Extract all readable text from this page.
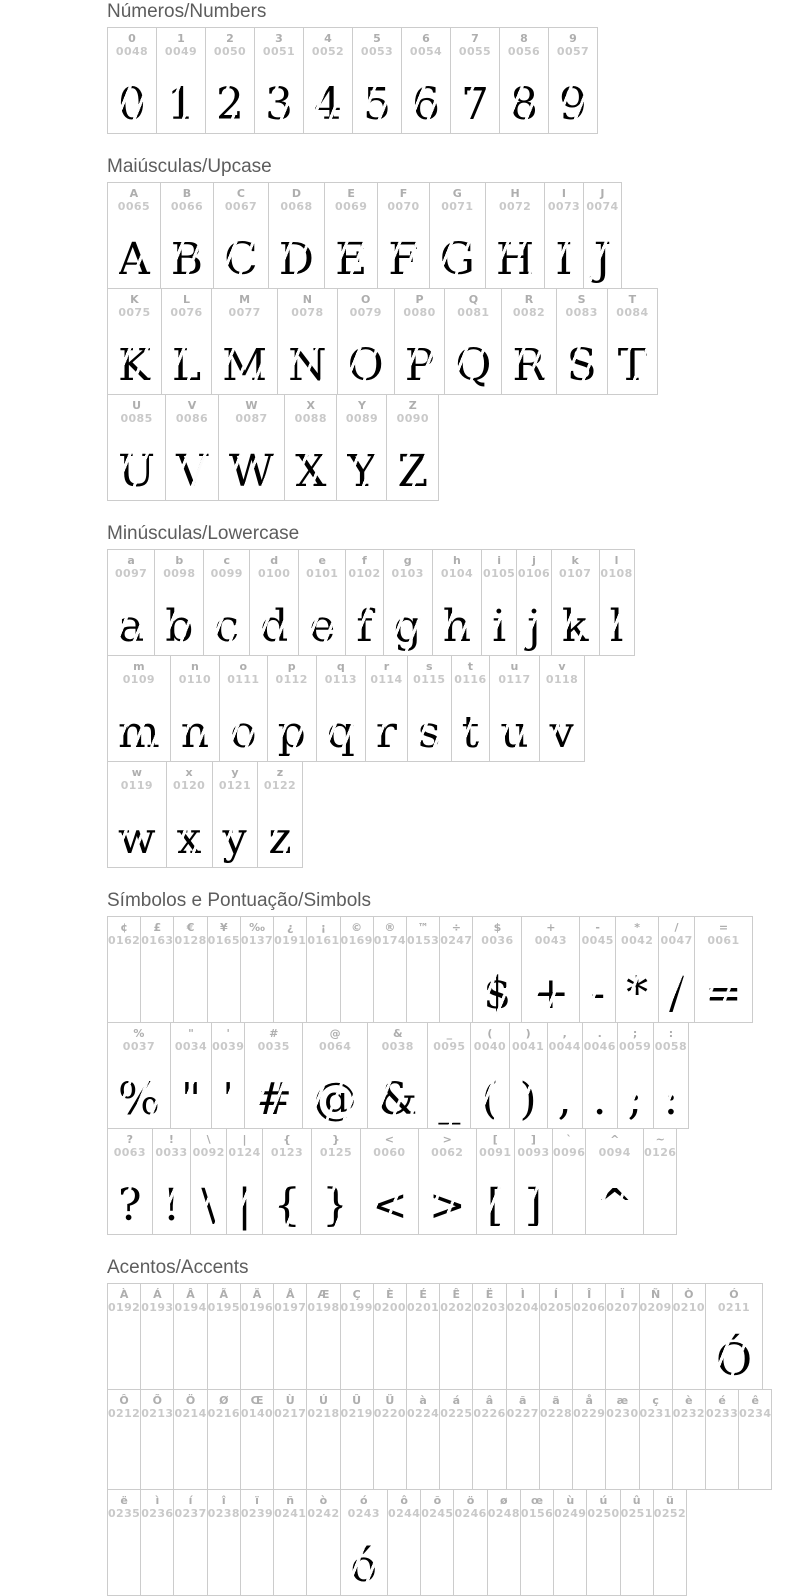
Números/Numbers
0
0048
0
1
0049
1
2
0050
2
3
0051
3
4
0052
4
5
0053
5
6
0054
6
7
0055
7
8
0056
8
9
0057
9
Maiúsculas/Upcase
A
0065
A
B
0066
B
C
0067
C
D
0068
D
E
0069
E
F
0070
F
G
0071
G
H
0072
H
I
0073
I
J
0074
J
K
0075
K
L
0076
L
M
0077
M
N
0078
N
O
0079
O
P
0080
P
Q
0081
Q
R
0082
R
S
0083
S
T
0084
T
U
0085
U
V
0086
V
W
0087
W
X
0088
X
Y
0089
Y
Z
0090
Z
Minúsculas/Lowercase
a
0097
a
b
0098
b
c
0099
c
d
0100
d
e
0101
e
f
0102
f
g
0103
g
h
0104
h
i
0105
i
j
0106
j
k
0107
k
l
0108
l
m
0109
m
n
0110
n
o
0111
o
p
0112
p
q
0113
q
r
0114
r
s
0115
s
t
0116
t
u
0117
u
v
0118
v
w
0119
w
x
0120
x
y
0121
y
z
0122
z
Símbolos e Pontuação/Simbols
¢
0162
£
0163
€
0128
¥
0165
‰
0137
¿
0191
¡
0161
©
0169
®
0174
™
0153
÷
0247
$
0036
$
+
0043
+
-
0045
-
*
0042
*
/
0047
/
=
0061
=
%
0037
%
"
0034
"
'
0039
'
#
0035
#
@
0064
@
&
0038
&
_
0095
_
(
0040
(
)
0041
)
,
0044
,
.
0046
.
;
0059
;
:
0058
:
?
0063
?
!
0033
!
\
0092
\
|
0124
|
{
0123
{
}
0125
}
<
0060
<
>
0062
>
[
0091
[
]
0093
]
`
0096
^
0094
^
~
0126
Acentos/Accents
À
0192
Á
0193
Â
0194
Ã
0195
Ä
0196
Å
0197
Æ
0198
Ç
0199
È
0200
É
0201
Ê
0202
Ë
0203
Ì
0204
Í
0205
Î
0206
Ï
0207
Ñ
0209
Ò
0210
Ó
0211
Ó
Ô
0212
Õ
0213
Ö
0214
Ø
0216
Œ
0140
Ù
0217
Ú
0218
Û
0219
Ü
0220
à
0224
á
0225
â
0226
ã
0227
ä
0228
å
0229
æ
0230
ç
0231
è
0232
é
0233
ê
0234
ë
0235
ì
0236
í
0237
î
0238
ï
0239
ñ
0241
ò
0242
ó
0243
ó
ô
0244
õ
0245
ö
0246
ø
0248
œ
0156
ù
0249
ú
0250
û
0251
ü
0252
